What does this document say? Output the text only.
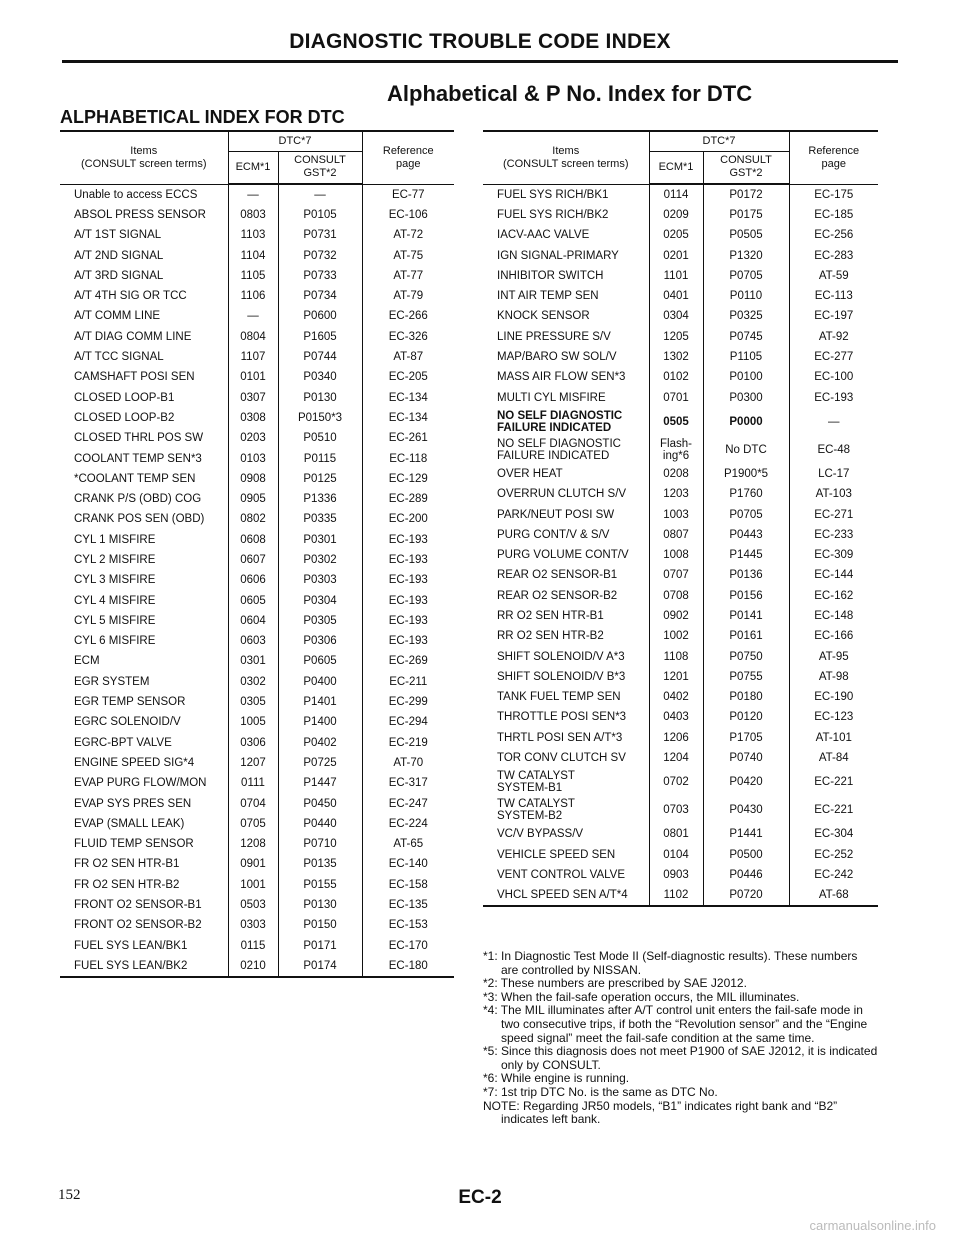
DIAGNOSTIC TROUBLE CODE INDEX
Alphabetical & P No. Index for DTC
ALPHABETICAL INDEX FOR DTC
Items
(CONSULT screen terms)	DTC*7		Reference
page
	ECM*1	CONSULT
GST*2	

Unable to access ECCS	—	—	EC-77
ABSOL PRESS SENSOR	0803	P0105	EC-106
A/T 1ST SIGNAL	1103	P0731	AT-72
A/T 2ND SIGNAL	1104	P0732	AT-75
A/T 3RD SIGNAL	1105	P0733	AT-77
A/T 4TH SIG OR TCC	1106	P0734	AT-79
A/T COMM LINE	—	P0600	EC-266
A/T DIAG COMM LINE	0804	P1605	EC-326
A/T TCC SIGNAL	1107	P0744	AT-87
CAMSHAFT POSI SEN	0101	P0340	EC-205
CLOSED LOOP-B1	0307	P0130	EC-134
CLOSED LOOP-B2	0308	P0150*3	EC-134
CLOSED THRL POS SW	0203	P0510	EC-261
COOLANT TEMP SEN*3	0103	P0115	EC-118
*COOLANT TEMP SEN	0908	P0125	EC-129
CRANK P/S (OBD) COG	0905	P1336	EC-289
CRANK POS SEN (OBD)	0802	P0335	EC-200
CYL 1 MISFIRE	0608	P0301	EC-193
CYL 2 MISFIRE	0607	P0302	EC-193
CYL 3 MISFIRE	0606	P0303	EC-193
CYL 4 MISFIRE	0605	P0304	EC-193
CYL 5 MISFIRE	0604	P0305	EC-193
CYL 6 MISFIRE	0603	P0306	EC-193
ECM	0301	P0605	EC-269
EGR SYSTEM	0302	P0400	EC-211
EGR TEMP SENSOR	0305	P1401	EC-299
EGRC SOLENOID/V	1005	P1400	EC-294
EGRC-BPT VALVE	0306	P0402	EC-219
ENGINE SPEED SIG*4	1207	P0725	AT-70
EVAP PURG FLOW/MON	0111	P1447	EC-317
EVAP SYS PRES SEN	0704	P0450	EC-247
EVAP (SMALL LEAK)	0705	P0440	EC-224
FLUID TEMP SENSOR	1208	P0710	AT-65
FR O2 SEN HTR-B1	0901	P0135	EC-140
FR O2 SEN HTR-B2	1001	P0155	EC-158
FRONT O2 SENSOR-B1	0503	P0130	EC-135
FRONT O2 SENSOR-B2	0303	P0150	EC-153
FUEL SYS LEAN/BK1	0115	P0171	EC-170
FUEL SYS LEAN/BK2	0210	P0174	EC-180
Items
(CONSULT screen terms)	DTC*7		Reference
page
	ECM*1	CONSULT
GST*2	

FUEL SYS RICH/BK1	0114	P0172	EC-175
FUEL SYS RICH/BK2	0209	P0175	EC-185
IACV-AAC VALVE	0205	P0505	EC-256
IGN SIGNAL-PRIMARY	0201	P1320	EC-283
INHIBITOR SWITCH	1101	P0705	AT-59
INT AIR TEMP SEN	0401	P0110	EC-113
KNOCK SENSOR	0304	P0325	EC-197
LINE PRESSURE S/V	1205	P0745	AT-92
MAP/BARO SW SOL/V	1302	P1105	EC-277
MASS AIR FLOW SEN*3	0102	P0100	EC-100
MULTI CYL MISFIRE	0701	P0300	EC-193
NO SELF DIAGNOSTIC
FAILURE INDICATED	0505	P0000	—
NO SELF DIAGNOSTIC
FAILURE INDICATED	Flash-
ing*6	No DTC	EC-48
OVER HEAT	0208	P1900*5	LC-17
OVERRUN CLUTCH S/V	1203	P1760	AT-103
PARK/NEUT POSI SW	1003	P0705	EC-271
PURG CONT/V & S/V	0807	P0443	EC-233
PURG VOLUME CONT/V	1008	P1445	EC-309
REAR O2 SENSOR-B1	0707	P0136	EC-144
REAR O2 SENSOR-B2	0708	P0156	EC-162
RR O2 SEN HTR-B1	0902	P0141	EC-148
RR O2 SEN HTR-B2	1002	P0161	EC-166
SHIFT SOLENOID/V A*3	1108	P0750	AT-95
SHIFT SOLENOID/V B*3	1201	P0755	AT-98
TANK FUEL TEMP SEN	0402	P0180	EC-190
THROTTLE POSI SEN*3	0403	P0120	EC-123
THRTL POSI SEN A/T*3	1206	P1705	AT-101
TOR CONV CLUTCH SV	1204	P0740	AT-84
TW CATALYST
SYSTEM-B1	0702	P0420	EC-221
TW CATALYST
SYSTEM-B2	0703	P0430	EC-221
VC/V BYPASS/V	0801	P1441	EC-304
VEHICLE SPEED SEN	0104	P0500	EC-252
VENT CONTROL VALVE	0903	P0446	EC-242
VHCL SPEED SEN A/T*4	1102	P0720	AT-68
*1: In Diagnostic Test Mode II (Self-diagnostic results). These numbers are controlled by NISSAN.
*2: These numbers are prescribed by SAE J2012.
*3: When the fail-safe operation occurs, the MIL illuminates.
*4: The MIL illuminates after A/T control unit enters the fail-safe mode in two consecutive trips, if both the “Revolution sensor” and the “Engine speed signal” meet the fail-safe condition at the same time.
*5: Since this diagnosis does not meet P1900 of SAE J2012, it is indicated only by CONSULT.
*6: While engine is running.
*7: 1st trip DTC No. is the same as DTC No.
NOTE: Regarding JR50 models, “B1” indicates right bank and “B2” indicates left bank.
152	EC-2
carmanualsonline.info
